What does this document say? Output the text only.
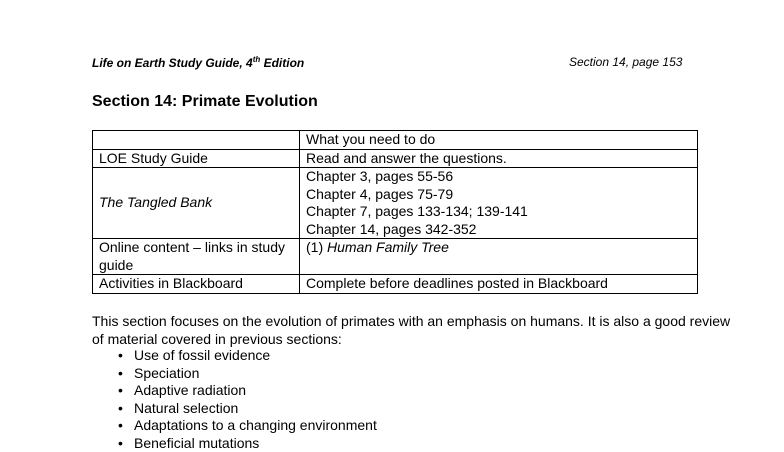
Life on Earth Study Guide, 4th Edition	Section 14, page 153
Section 14: Primate Evolution
	What you need to do
LOE Study Guide	Read and answer the questions.
The Tangled Bank	Chapter 3, pages 55-56
Chapter 4, pages 75-79
Chapter 7, pages 133-134; 139-141
Chapter 14, pages 342-352

Online content – links in study guide	(1) Human Family Tree
Activities in Blackboard	Complete before deadlines posted in Blackboard
This section focuses on the evolution of primates with an emphasis on humans. It is also a good review of material covered in previous sections:
• Use of fossil evidence
• Speciation
• Adaptive radiation
• Natural selection
• Adaptations to a changing environment
• Beneficial mutations
